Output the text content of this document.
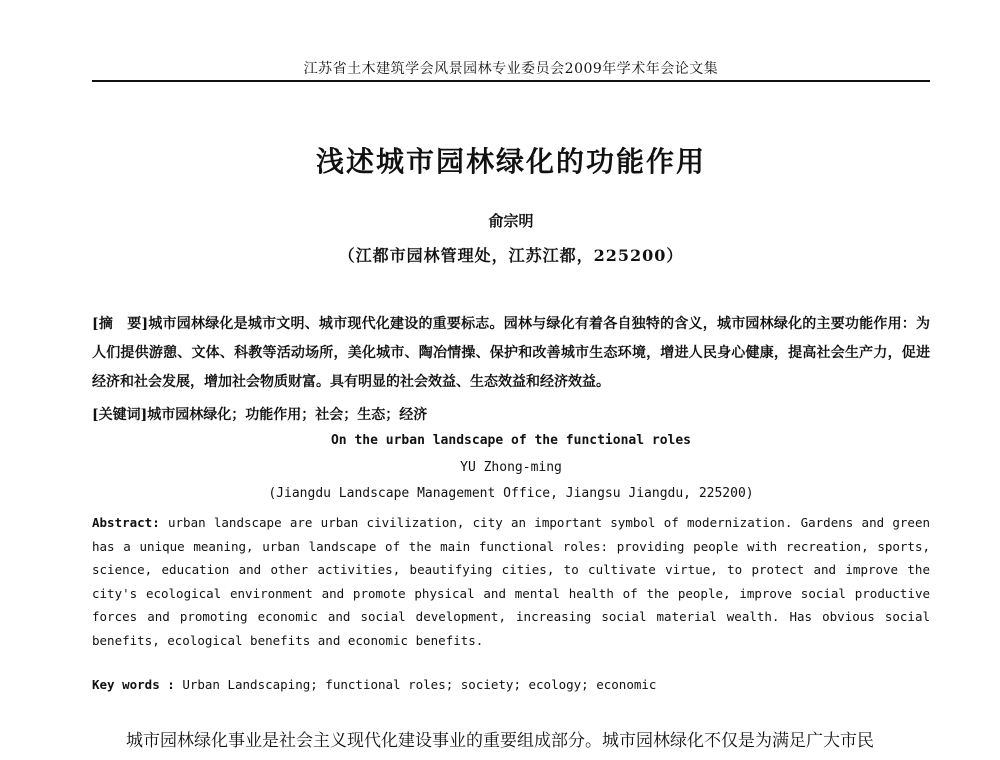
江苏省土木建筑学会风景园林专业委员会2009年学术年会论文集
浅述城市园林绿化的功能作用
俞宗明
（江都市园林管理处，江苏江都，225200）
[摘　要]城市园林绿化是城市文明、城市现代化建设的重要标志。园林与绿化有着各自独特的含义，城市园林绿化的主要功能作用：为人们提供游憩、文体、科教等活动场所，美化城市、陶冶情操、保护和改善城市生态环境，增进人民身心健康，提高社会生产力，促进经济和社会发展，增加社会物质财富。具有明显的社会效益、生态效益和经济效益。
[关键词]城市园林绿化；功能作用；社会；生态；经济
On the urban landscape of the functional roles
YU Zhong-ming
(Jiangdu Landscape Management Office, Jiangsu Jiangdu, 225200)
Abstract: urban landscape are urban civilization, city an important symbol of modernization. Gardens and green has a unique meaning, urban landscape of the main functional roles: providing people with recreation, sports, science, education and other activities, beautifying cities, to cultivate virtue, to protect and improve the city's ecological environment and promote physical and mental health of the people, improve social productive forces and promoting economic and social development, increasing social material wealth. Has obvious social benefits, ecological benefits and economic benefits.
Key words : Urban Landscaping; functional roles; society; ecology; economic
城市园林绿化事业是社会主义现代化建设事业的重要组成部分。城市园林绿化不仅是为满足广大市民
